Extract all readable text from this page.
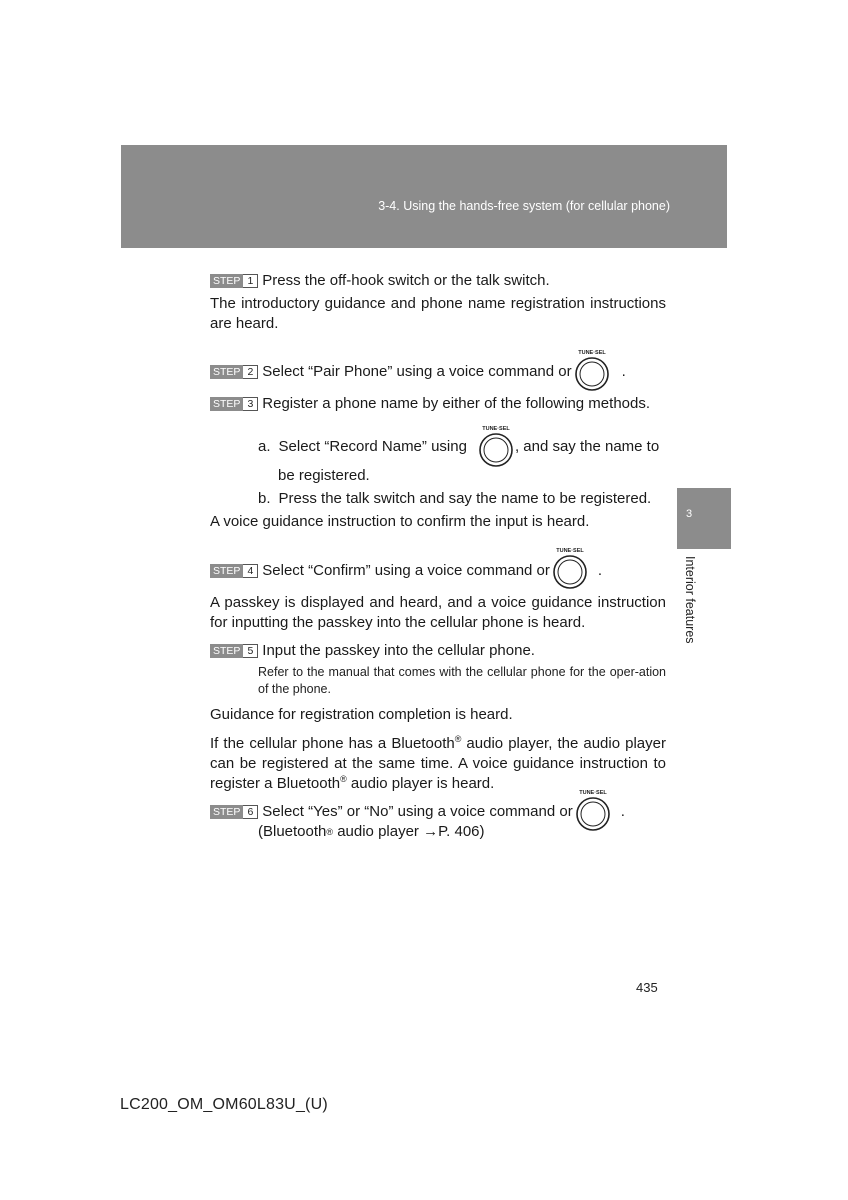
3-4. Using the hands-free system (for cellular phone)
3
Interior features
STEP 1 Press the off-hook switch or the talk switch.
The introductory guidance and phone name registration instructions are heard.
STEP 2 Select “Pair Phone” using a voice command or	.
TUNE·SEL
STEP 3 Register a phone name by either of the following methods.
a. Select “Record Name” using	, and say the name to
TUNE·SEL
be registered.
b. Press the talk switch and say the name to be registered.
A voice guidance instruction to confirm the input is heard.
STEP 4 Select “Confirm” using a voice command or	.
TUNE·SEL
A passkey is displayed and heard, and a voice guidance instruction for inputting the passkey into the cellular phone is heard.
STEP 5 Input the passkey into the cellular phone.
Refer to the manual that comes with the cellular phone for the oper-ation of the phone.
Guidance for registration completion is heard.
If the cellular phone has a Bluetooth® audio player, the audio player can be registered at the same time. A voice guidance instruction to register a Bluetooth® audio player is heard.
STEP 6 Select “Yes” or “No” using a voice command or	.
TUNE·SEL
(Bluetooth ® audio player → P. 406)
435
LC200_OM_OM60L83U_(U)
